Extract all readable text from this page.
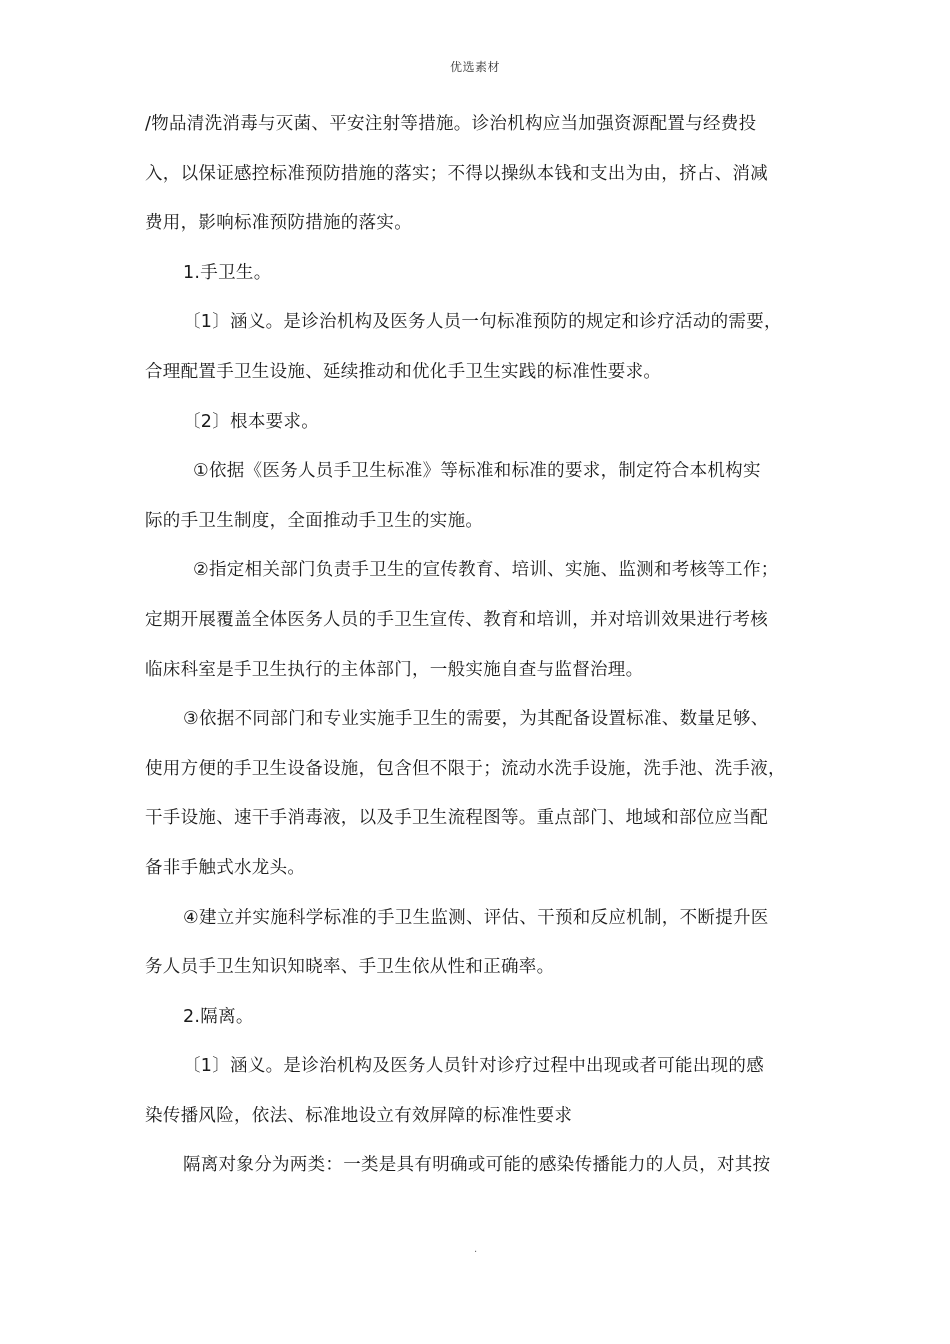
优选素材
/物品清洗消毒与灭菌、平安注射等措施。诊治机构应当加强资源配置与经费投
入，以保证感控标准预防措施的落实；不得以操纵本钱和支出为由，挤占、消减
费用，影响标准预防措施的落实。
1.手卫生。
〔1〕涵义。是诊治机构及医务人员一句标准预防的规定和诊疗活动的需要，
合理配置手卫生设施、延续推动和优化手卫生实践的标准性要求。
〔2〕根本要求。
①依据《医务人员手卫生标准》等标准和标准的要求，制定符合本机构实
际的手卫生制度，全面推动手卫生的实施。
②指定相关部门负责手卫生的宣传教育、培训、实施、监测和考核等工作；
定期开展覆盖全体医务人员的手卫生宣传、教育和培训，并对培训效果进行考核
临床科室是手卫生执行的主体部门，一般实施自查与监督治理。
③依据不同部门和专业实施手卫生的需要，为其配备设置标准、数量足够、
使用方便的手卫生设备设施，包含但不限于；流动水洗手设施，洗手池、洗手液，
干手设施、速干手消毒液，以及手卫生流程图等。重点部门、地域和部位应当配
备非手触式水龙头。
④建立并实施科学标准的手卫生监测、评估、干预和反应机制，不断提升医
务人员手卫生知识知晓率、手卫生依从性和正确率。
2.隔离。
〔1〕涵义。是诊治机构及医务人员针对诊疗过程中出现或者可能出现的感
染传播风险，依法、标准地设立有效屏障的标准性要求
隔离对象分为两类：一类是具有明确或可能的感染传播能力的人员，对其按
.
